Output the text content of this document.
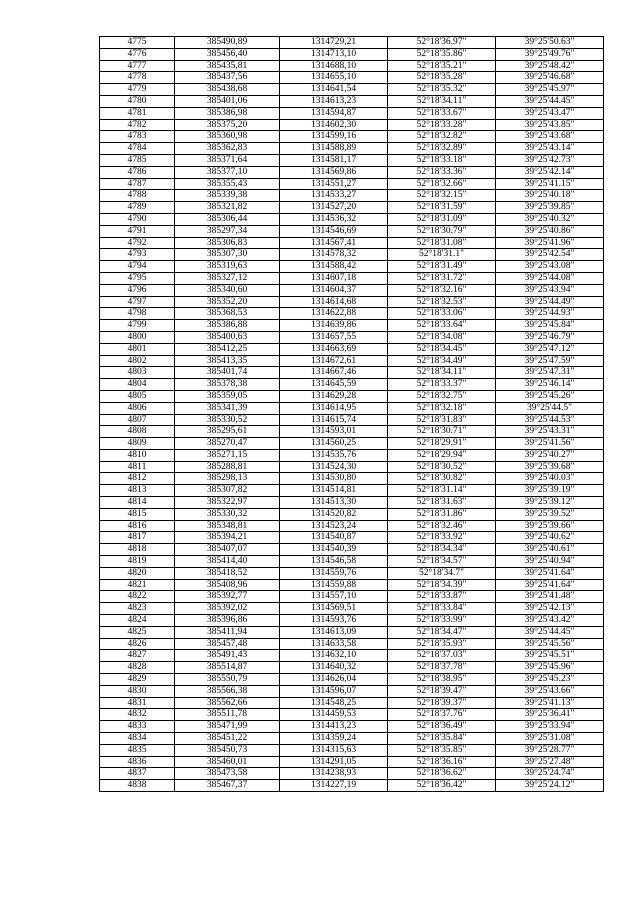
4775	385490,89	1314729,21	52°18'36.97"	39°25'50.63"
4776	385456,40	1314713,10	52°18'35.86"	39°25'49.76"
4777	385435,81	1314688,10	52°18'35.21"	39°25'48.42"
4778	385437,56	1314655,10	52°18'35.28"	39°25'46.68"
4779	385438,68	1314641,54	52°18'35.32"	39°25'45.97"
4780	385401,06	1314613,23	52°18'34.11"	39°25'44.45"
4781	385386,98	1314594,87	52°18'33.67"	39°25'43.47"
4782	385375,20	1314602,30	52°18'33.28"	39°25'43.85"
4783	385360,98	1314599,16	52°18'32.82"	39°25'43.68"
4784	385362,83	1314588,89	52°18'32.89"	39°25'43.14"
4785	385371,64	1314581,17	52°18'33.18"	39°25'42.73"
4786	385377,10	1314569,86	52°18'33.36"	39°25'42.14"
4787	385355,43	1314551,27	52°18'32.66"	39°25'41.15"
4788	385339,38	1314533,27	52°18'32.15"	39°25'40.18"
4789	385321,82	1314527,20	52°18'31.59"	39°25'39.85"
4790	385306,44	1314536,32	52°18'31.09"	39°25'40.32"
4791	385297,34	1314546,69	52°18'30.79"	39°25'40.86"
4792	385306,83	1314567,41	52°18'31.08"	39°25'41.96"
4793	385307,30	1314578,32	52°18'31.1"	39°25'42.54"
4794	385319,63	1314588,42	52°18'31.49"	39°25'43.08"
4795	385327,12	1314607,18	52°18'31.72"	39°25'44.08"
4796	385340,60	1314604,37	52°18'32.16"	39°25'43.94"
4797	385352,20	1314614,68	52°18'32.53"	39°25'44.49"
4798	385368,53	1314622,88	52°18'33.06"	39°25'44.93"
4799	385386,88	1314639,86	52°18'33.64"	39°25'45.84"
4800	385400,63	1314657,55	52°18'34.08"	39°25'46.79"
4801	385412,25	1314663,69	52°18'34.45"	39°25'47.12"
4802	385413,35	1314672,61	52°18'34.49"	39°25'47.59"
4803	385401,74	1314667,46	52°18'34.11"	39°25'47.31"
4804	385378,38	1314645,59	52°18'33.37"	39°25'46.14"
4805	385359,05	1314629,28	52°18'32.75"	39°25'45.26"
4806	385341,39	1314614,95	52°18'32.18"	39°25'44.5"
4807	385330,52	1314615,74	52°18'31.83"	39°25'44.53"
4808	385295,61	1314593,01	52°18'30.71"	39°25'43.31"
4809	385270,47	1314560,25	52°18'29.91"	39°25'41.56"
4810	385271,15	1314535,76	52°18'29.94"	39°25'40.27"
4811	385288,81	1314524,30	52°18'30.52"	39°25'39.68"
4812	385298,13	1314530,80	52°18'30.82"	39°25'40.03"
4813	385307,82	1314514,81	52°18'31.14"	39°25'39.19"
4814	385322,97	1314513,30	52°18'31.63"	39°25'39.12"
4815	385330,32	1314520,82	52°18'31.86"	39°25'39.52"
4816	385348,81	1314523,24	52°18'32.46"	39°25'39.66"
4817	385394,21	1314540,87	52°18'33.92"	39°25'40.62"
4818	385407,07	1314540,39	52°18'34.34"	39°25'40.61"
4819	385414,40	1314546,58	52°18'34.57"	39°25'40.94"
4820	385418,52	1314559,76	52°18'34.7"	39°25'41.64"
4821	385408,96	1314559,88	52°18'34.39"	39°25'41.64"
4822	385392,77	1314557,10	52°18'33.87"	39°25'41.48"
4823	385392,02	1314569,51	52°18'33.84"	39°25'42.13"
4824	385396,86	1314593,76	52°18'33.99"	39°25'43.42"
4825	385411,94	1314613,09	52°18'34.47"	39°25'44.45"
4826	385457,48	1314633,58	52°18'35.93"	39°25'45.56"
4827	385491,43	1314632,10	52°18'37.03"	39°25'45.51"
4828	385514,87	1314640,32	52°18'37.78"	39°25'45.96"
4829	385550,79	1314626,04	52°18'38.95"	39°25'45.23"
4830	385566,38	1314596,07	52°18'39.47"	39°25'43.66"
4831	385562,66	1314548,25	52°18'39.37"	39°25'41.13"
4832	385511,78	1314459,53	52°18'37.76"	39°25'36.41"
4833	385471,99	1314413,23	52°18'36.49"	39°25'33.94"
4834	385451,22	1314359,24	52°18'35.84"	39°25'31.08"
4835	385450,73	1314315,63	52°18'35.85"	39°25'28.77"
4836	385460,01	1314291,05	52°18'36.16"	39°25'27.48"
4837	385473,58	1314238,93	52°18'36.62"	39°25'24.74"
4838	385467,37	1314227,19	52°18'36.42"	39°25'24.12"
